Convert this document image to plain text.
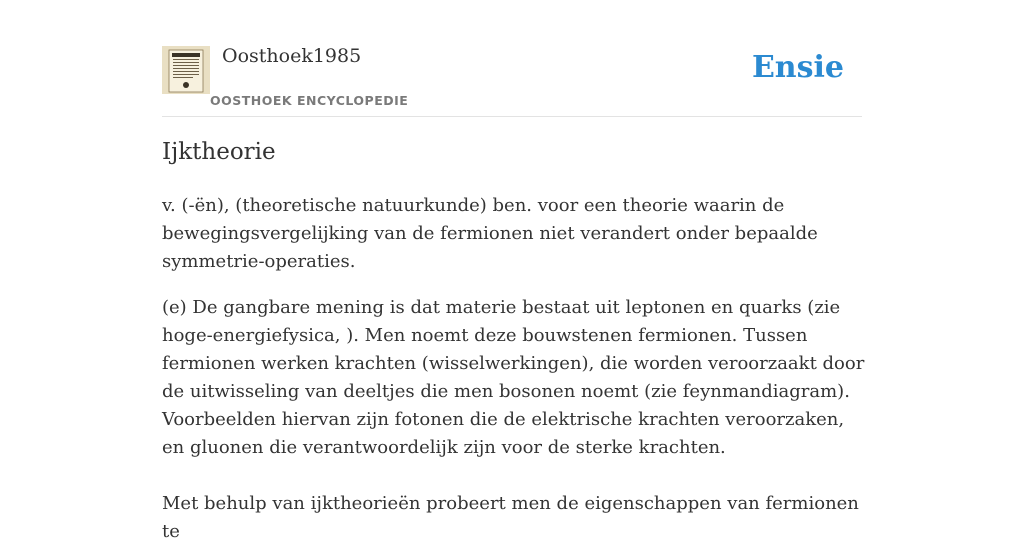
Oosthoek1985
OOSTHOEK ENCYCLOPEDIE
Ensie
Ijktheorie

v. (-ën), (theoretische natuurkunde) ben. voor een theorie waarin de bewegingsvergelijking van de fermionen niet verandert onder bepaalde symmetrie-operaties.

(e) De gangbare mening is dat materie bestaat uit leptonen en quarks (zie hoge-energiefysica, ). Men noemt deze bouwstenen fermionen. Tussen fermionen werken krachten (wisselwerkingen), die worden veroorzaakt door de uitwisseling van deeltjes die men bosonen noemt (zie feynmandiagram). Voorbeelden hiervan zijn fotonen die de elektrische krachten veroorzaken, en gluonen die verantwoordelijk zijn voor de sterke krachten.

Met behulp van ijktheorieën probeert men de eigenschappen van fermionen te
